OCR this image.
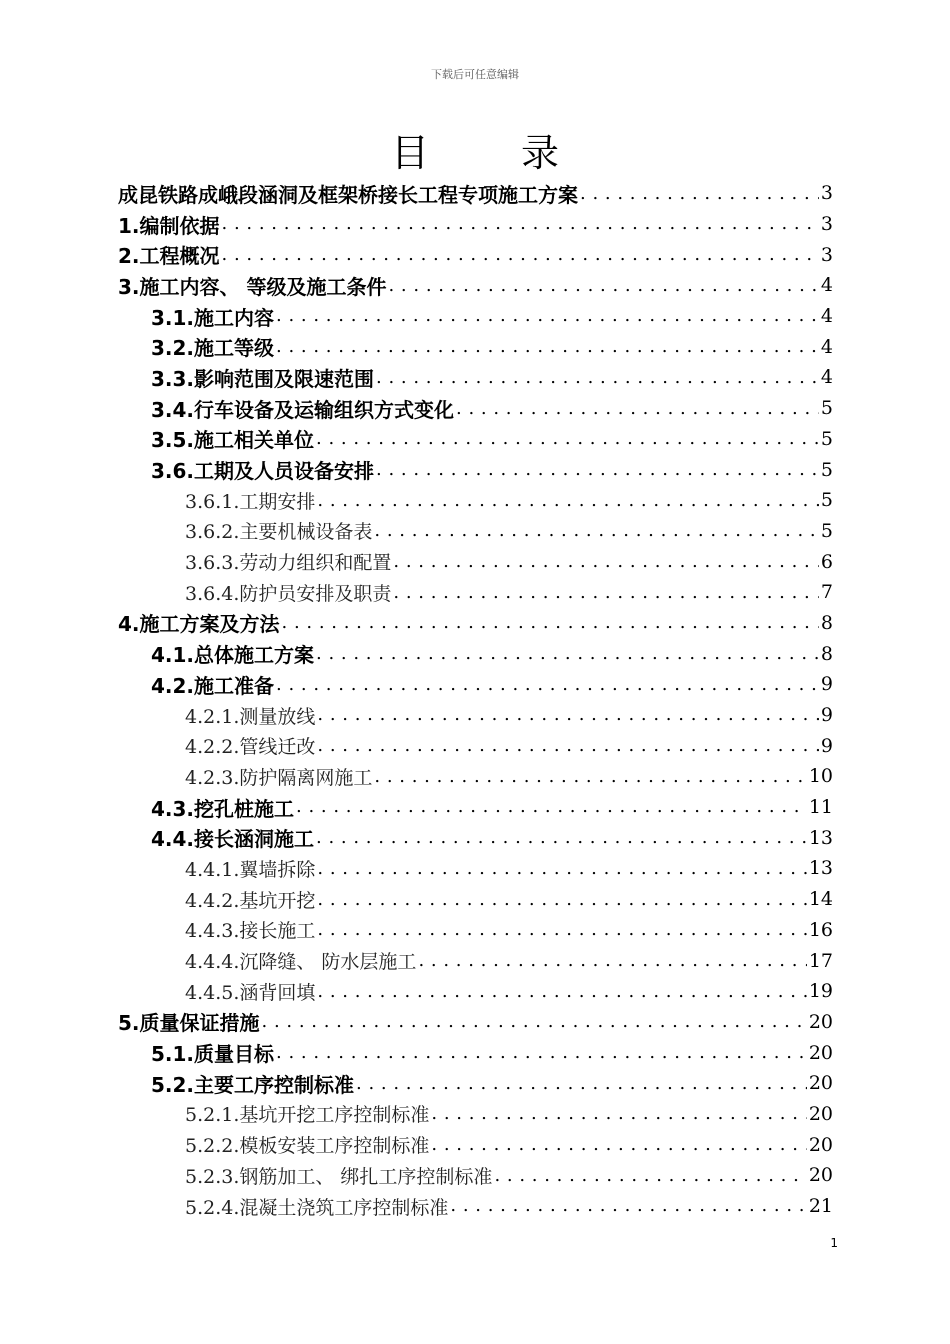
下载后可任意编辑
目 录
成昆铁路成峨段涵洞及框架桥接长工程专项施工方案 . . .	3
1.编制依据 . . .	3
2.工程概况 . . .	3
3.施工内容、 等级及施工条件 . . .	4
3.1.施工内容 . . .	4
3.2.施工等级 . . .	4
3.3.影响范围及限速范围 . . .	4
3.4.行车设备及运输组织方式变化 . . .	5
3.5.施工相关单位 . . .	5
3.6.工期及人员设备安排 . . .	5
3.6.1.工期安排 . . .	5
3.6.2.主要机械设备表 . . .	5
3.6.3.劳动力组织和配置 . . .	6
3.6.4.防护员安排及职责 . . .	7
4.施工方案及方法 . . .	8
4.1.总体施工方案 . . .	8
4.2.施工准备 . . .	9
4.2.1.测量放线 . . .	9
4.2.2.管线迁改 . . .	9
4.2.3.防护隔离网施工 . . .	10
4.3.挖孔桩施工 . . .	11
4.4.接长涵洞施工 . . .	13
4.4.1.翼墙拆除 . . .	13
4.4.2.基坑开挖 . . .	14
4.4.3.接长施工 . . .	16
4.4.4.沉降缝、 防水层施工 . . .	17
4.4.5.涵背回填 . . .	19
5.质量保证措施 . . .	20
5.1.质量目标 . . .	20
5.2.主要工序控制标准 . . .	20
5.2.1.基坑开挖工序控制标准 . . .	20
5.2.2.模板安装工序控制标准 . . .	20
5.2.3.钢筋加工、 绑扎工序控制标准 . . .	20
5.2.4.混凝土浇筑工序控制标准 . . .	21
1
